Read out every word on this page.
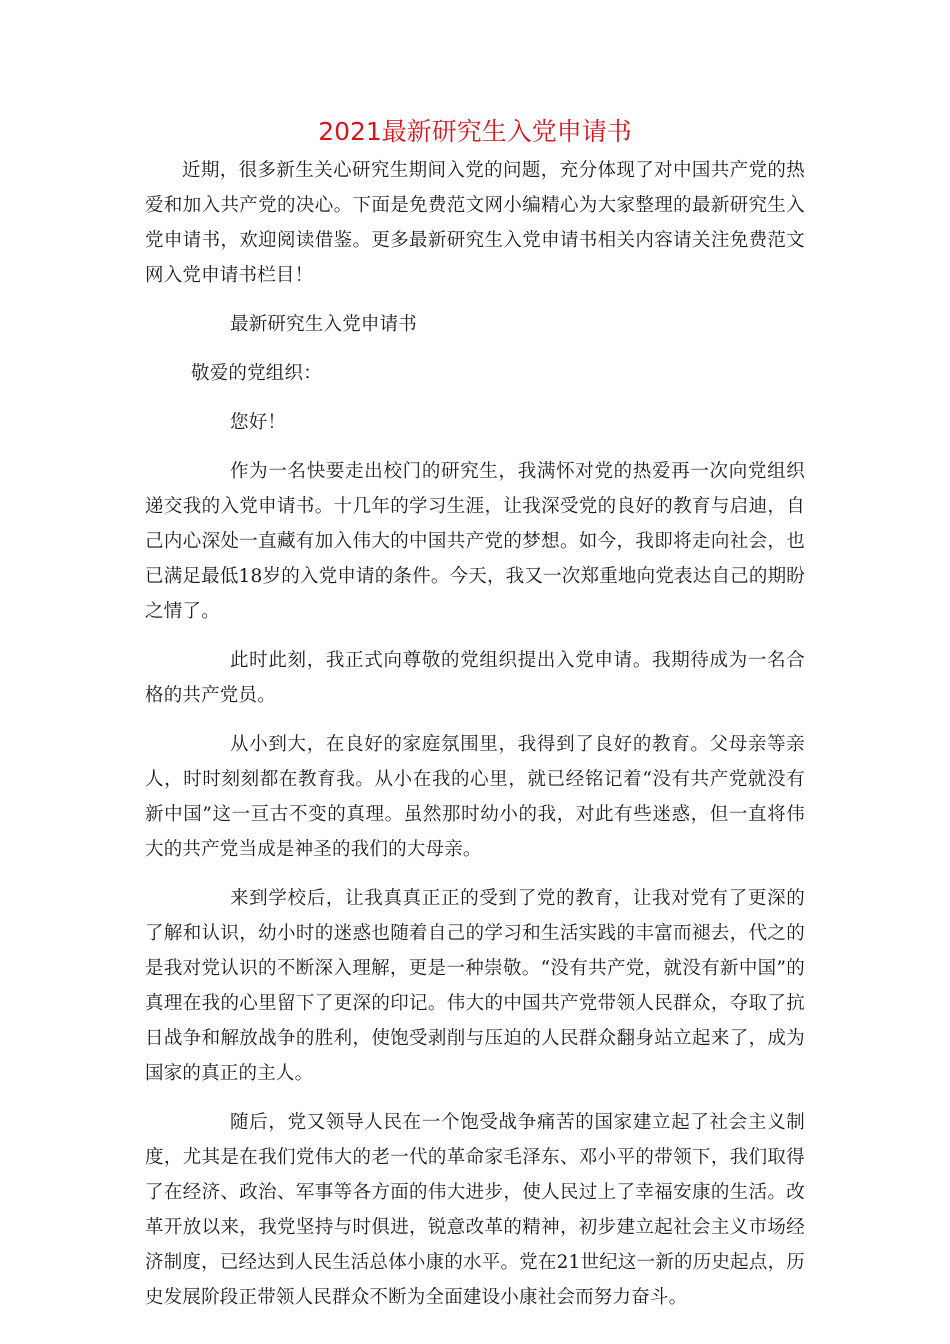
2021最新研究生入党申请书

近期，很多新生关心研究生期间入党的问题，充分体现了对中国共产党的热爱和加入共产党的决心。下面是免费范文网小编精心为大家整理的最新研究生入党申请书，欢迎阅读借鉴。更多最新研究生入党申请书相关内容请关注免费范文网入党申请书栏目！

最新研究生入党申请书

敬爱的党组织：

您好！

作为一名快要走出校门的研究生，我满怀对党的热爱再一次向党组织递交我的入党申请书。十几年的学习生涯，让我深受党的良好的教育与启迪，自己内心深处一直藏有加入伟大的中国共产党的梦想。如今，我即将走向社会，也已满足最低18岁的入党申请的条件。今天，我又一次郑重地向党表达自己的期盼之情了。

此时此刻，我正式向尊敬的党组织提出入党申请。我期待成为一名合格的共产党员。

从小到大，在良好的家庭氛围里，我得到了良好的教育。父母亲等亲人，时时刻刻都在教育我。从小在我的心里，就已经铭记着“没有共产党就没有新中国”这一亘古不变的真理。虽然那时幼小的我，对此有些迷惑，但一直将伟大的共产党当成是神圣的我们的大母亲。

来到学校后，让我真真正正的受到了党的教育，让我对党有了更深的了解和认识，幼小时的迷惑也随着自己的学习和生活实践的丰富而褪去，代之的是我对党认识的不断深入理解，更是一种崇敬。“没有共产党，就没有新中国”的真理在我的心里留下了更深的印记。伟大的中国共产党带领人民群众，夺取了抗日战争和解放战争的胜利，使饱受剥削与压迫的人民群众翻身站立起来了，成为国家的真正的主人。

随后，党又领导人民在一个饱受战争痛苦的国家建立起了社会主义制度，尤其是在我们党伟大的老一代的革命家毛泽东、邓小平的带领下，我们取得了在经济、政治、军事等各方面的伟大进步，使人民过上了幸福安康的生活。改革开放以来，我党坚持与时俱进，锐意改革的精神，初步建立起社会主义市场经济制度，已经达到人民生活总体小康的水平。党在21世纪这一新的历史起点，历史发展阶段正带领人民群众不断为全面建设小康社会而努力奋斗。
